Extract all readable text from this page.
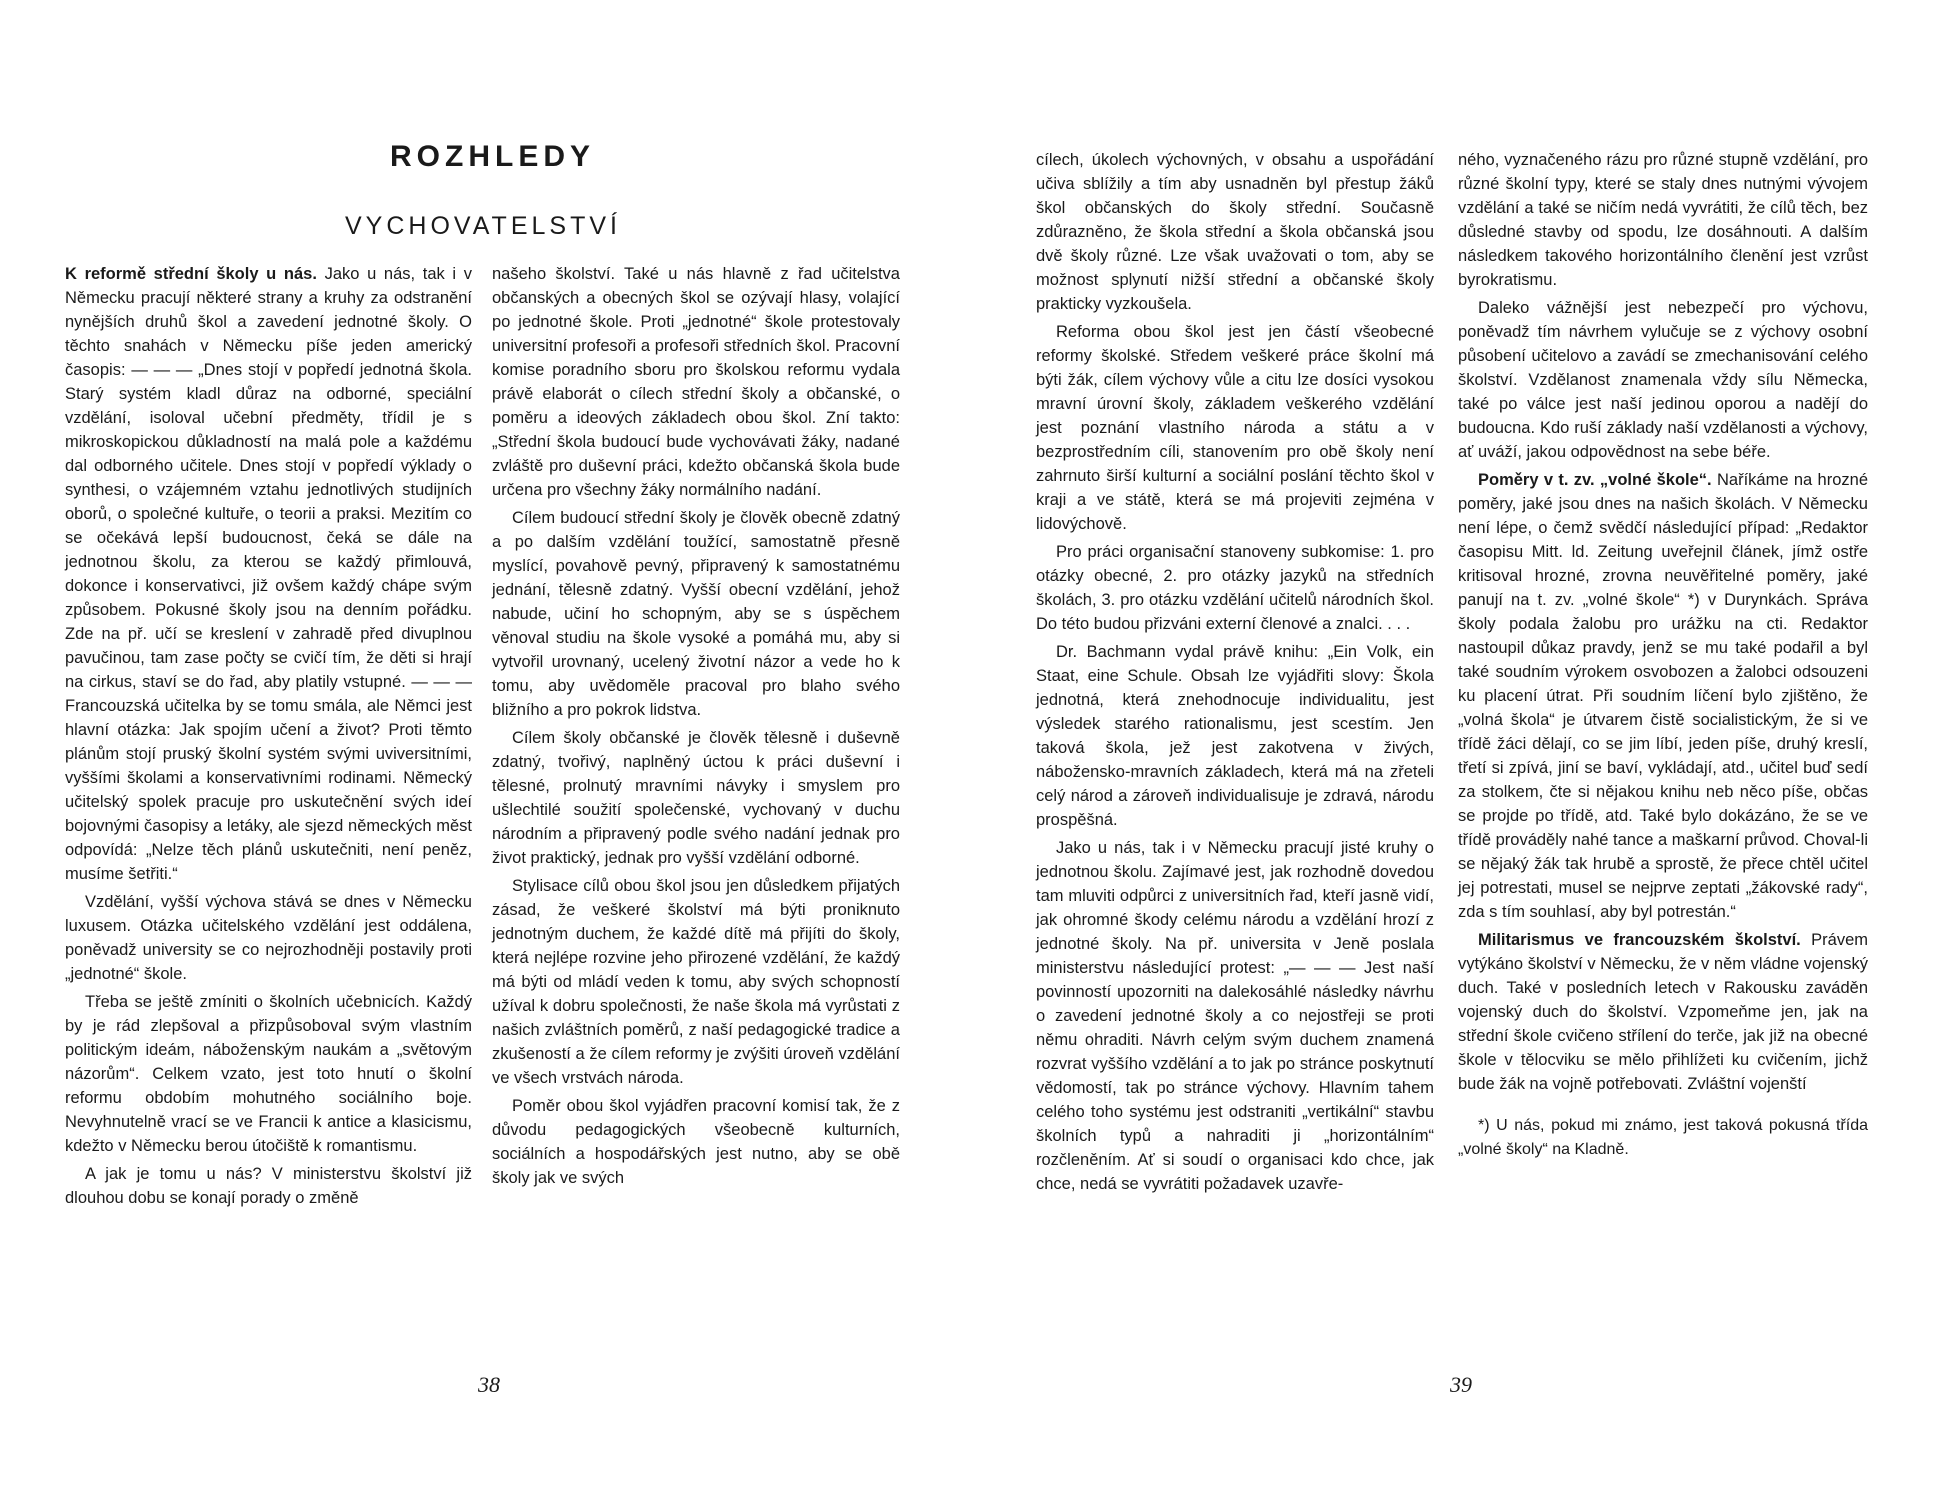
ROZHLEDY
VYCHOVATELSTVÍ

K reformě střední školy u nás. Jako u nás, tak i v Německu pracují některé strany a kruhy za odstranění nynějších druhů škol a zavedení jednotné školy. O těchto snahách v Německu píše jeden americký časopis: — — — „Dnes stojí v popředí jednotná škola. Starý systém kladl důraz na odborné, speciální vzdělání, isoloval učební předměty, třídil je s mikroskopickou důkladností na malá pole a každému dal odborného učitele. Dnes stojí v popředí výklady o synthesi, o vzájemném vztahu jednotlivých studijních oborů, o společné kultuře, o teorii a praksi. Mezitím co se očekává lepší budoucnost, čeká se dále na jednotnou školu, za kterou se každý přimlouvá, dokonce i konservativci, již ovšem každý chápe svým způsobem. Pokusné školy jsou na denním pořádku. Zde na př. učí se kreslení v zahradě před divuplnou pavučinou, tam zase počty se cvičí tím, že děti si hrají na cirkus, staví se do řad, aby platily vstupné. — — — Francouzská učitelka by se tomu smála, ale Němci jest hlavní otázka: Jak spojím učení a život? Proti těmto plánům stojí pruský školní systém svými uviversitními, vyššími školami a konservativními rodinami. Německý učitelský spolek pracuje pro uskutečnění svých ideí bojovnými časopisy a letáky, ale sjezd německých měst odpovídá: „Nelze těch plánů uskutečniti, není peněz, musíme šetřiti.“

Vzdělání, vyšší výchova stává se dnes v Německu luxusem. Otázka učitelského vzdělání jest oddálena, poněvadž university se co nejrozhodněji postavily proti „jednotné“ škole.

Třeba se ještě zmíniti o školních učebnicích. Každý by je rád zlepšoval a přizpůsoboval svým vlastním politickým ideám, náboženským naukám a „světovým názorům“. Celkem vzato, jest toto hnutí o školní reformu obdobím mohutného sociálního boje. Nevyhnutelně vrací se ve Francii k antice a klasicismu, kdežto v Německu berou útočiště k romantismu.

A jak je tomu u nás? V ministerstvu školství již dlouhou dobu se konají porady o změně

našeho školství. Také u nás hlavně z řad učitelstva občanských a obecných škol se ozývají hlasy, volající po jednotné škole. Proti „jednotné“ škole protestovaly universitní profesoři a profesoři středních škol. Pracovní komise poradního sboru pro školskou reformu vydala právě elaborát o cílech střední školy a občanské, o poměru a ideových základech obou škol. Zní takto: „Střední škola budoucí bude vychovávati žáky, nadané zvláště pro duševní práci, kdežto občanská škola bude určena pro všechny žáky normálního nadání.

Cílem budoucí střední školy je člověk obecně zdatný a po dalším vzdělání toužící, samostatně přesně myslící, povahově pevný, připravený k samostatnému jednání, tělesně zdatný. Vyšší obecní vzdělání, jehož nabude, učiní ho schopným, aby se s úspěchem věnoval studiu na škole vysoké a pomáhá mu, aby si vytvořil urovnaný, ucelený životní názor a vede ho k tomu, aby uvědoměle pracoval pro blaho svého bližního a pro pokrok lidstva.

Cílem školy občanské je člověk tělesně i duševně zdatný, tvořivý, naplněný úctou k práci duševní i tělesné, prolnutý mravními návyky i smyslem pro ušlechtilé soužití společenské, vychovaný v duchu národním a připravený podle svého nadání jednak pro život praktický, jednak pro vyšší vzdělání odborné.

Stylisace cílů obou škol jsou jen důsledkem přijatých zásad, že veškeré školství má býti proniknuto jednotným duchem, že každé dítě má přijíti do školy, která nejlépe rozvine jeho přirozené vzdělání, že každý má býti od mládí veden k tomu, aby svých schopností užíval k dobru společnosti, že naše škola má vyrůstati z našich zvláštních poměrů, z naší pedagogické tradice a zkušeností a že cílem reformy je zvýšiti úroveň vzdělání ve všech vrstvách národa.

Poměr obou škol vyjádřen pracovní komisí tak, že z důvodu pedagogických všeobecně kulturních, sociálních a hospodářských jest nutno, aby se obě školy jak ve svých

38

cílech, úkolech výchovných, v obsahu a uspořádání učiva sblížily a tím aby usnadněn byl přestup žáků škol občanských do školy střední. Současně zdůrazněno, že škola střední a škola občanská jsou dvě školy různé. Lze však uvažovati o tom, aby se možnost splynutí nižší střední a občanské školy prakticky vyzkoušela.

Reforma obou škol jest jen částí všeobecné reformy školské. Středem veškeré práce školní má býti žák, cílem výchovy vůle a citu lze dosíci vysokou mravní úrovní školy, základem veškerého vzdělání jest poznání vlastního národa a státu a v bezprostředním cíli, stanovením pro obě školy není zahrnuto širší kulturní a sociální poslání těchto škol v kraji a ve státě, která se má projeviti zejména v lidovýchově.

Pro práci organisační stanoveny subkomise: 1. pro otázky obecné, 2. pro otázky jazyků na středních školách, 3. pro otázku vzdělání učitelů národních škol. Do této budou přizváni externí členové a znalci. . . .

Dr. Bachmann vydal právě knihu: „Ein Volk, ein Staat, eine Schule. Obsah lze vyjádřiti slovy: Škola jednotná, která znehodnocuje individualitu, jest výsledek starého rationalismu, jest scestím. Jen taková škola, jež jest zakotvena v živých, nábožensko-mravních základech, která má na zřeteli celý národ a zároveň individualisuje je zdravá, národu prospěšná.

Jako u nás, tak i v Německu pracují jisté kruhy o jednotnou školu. Zajímavé jest, jak rozhodně dovedou tam mluviti odpůrci z universitních řad, kteří jasně vidí, jak ohromné škody celému národu a vzdělání hrozí z jednotné školy. Na př. universita v Jeně poslala ministerstvu následující protest: „— — — Jest naší povinností upozorniti na dalekosáhlé následky návrhu o zavedení jednotné školy a co nejostřeji se proti němu ohraditi. Návrh celým svým duchem znamená rozvrat vyššího vzdělání a to jak po stránce poskytnutí vědomostí, tak po stránce výchovy. Hlavním tahem celého toho systému jest odstraniti „vertikální“ stavbu školních typů a nahraditi ji „horizontálním“ rozčleněním. Ať si soudí o organisaci kdo chce, jak chce, nedá se vyvrátiti požadavek uzavře-

ného, vyznačeného rázu pro různé stupně vzdělání, pro různé školní typy, které se staly dnes nutnými vývojem vzdělání a také se ničím nedá vyvrátiti, že cílů těch, bez důsledné stavby od spodu, lze dosáhnouti. A dalším následkem takového horizontálního členění jest vzrůst byrokratismu.

Daleko vážnější jest nebezpečí pro výchovu, poněvadž tím návrhem vylučuje se z výchovy osobní působení učitelovo a zavádí se zmechanisování celého školství. Vzdělanost znamenala vždy sílu Německa, také po válce jest naší jedinou oporou a nadějí do budoucna. Kdo ruší základy naší vzdělanosti a výchovy, ať uváží, jakou odpovědnost na sebe béře.

Poměry v t. zv. „volné škole“. Naříkáme na hrozné poměry, jaké jsou dnes na našich školách. V Německu není lépe, o čemž svědčí následující případ: „Redaktor časopisu Mitt. ld. Zeitung uveřejnil článek, jímž ostře kritisoval hrozné, zrovna neuvěřitelné poměry, jaké panují na t. zv. „volné škole“ *) v Durynkách. Správa školy podala žalobu pro urážku na cti. Redaktor nastoupil důkaz pravdy, jenž se mu také podařil a byl také soudním výrokem osvobozen a žalobci odsouzeni ku placení útrat. Při soudním líčení bylo zjištěno, že „volná škola“ je útvarem čistě socialistickým, že si ve třídě žáci dělají, co se jim líbí, jeden píše, druhý kreslí, třetí si zpívá, jiní se baví, vykládají, atd., učitel buď sedí za stolkem, čte si nějakou knihu neb něco píše, občas se projde po třídě, atd. Také bylo dokázáno, že se ve třídě prováděly nahé tance a maškarní průvod. Choval-li se nějaký žák tak hrubě a sprostě, že přece chtěl učitel jej potrestati, musel se nejprve zeptati „žákovské rady“, zda s tím souhlasí, aby byl potrestán.“

Militarismus ve francouzském školství. Právem vytýkáno školství v Německu, že v něm vládne vojenský duch. Také v posledních letech v Rakousku zaváděn vojenský duch do školství. Vzpomeňme jen, jak na střední škole cvičeno střílení do terče, jak již na obecné škole v tělocviku se mělo přihlížeti ku cvičením, jichž bude žák na vojně potřebovati. Zvláštní vojenští

*) U nás, pokud mi známo, jest taková pokusná třída „volné školy“ na Kladně.

39
